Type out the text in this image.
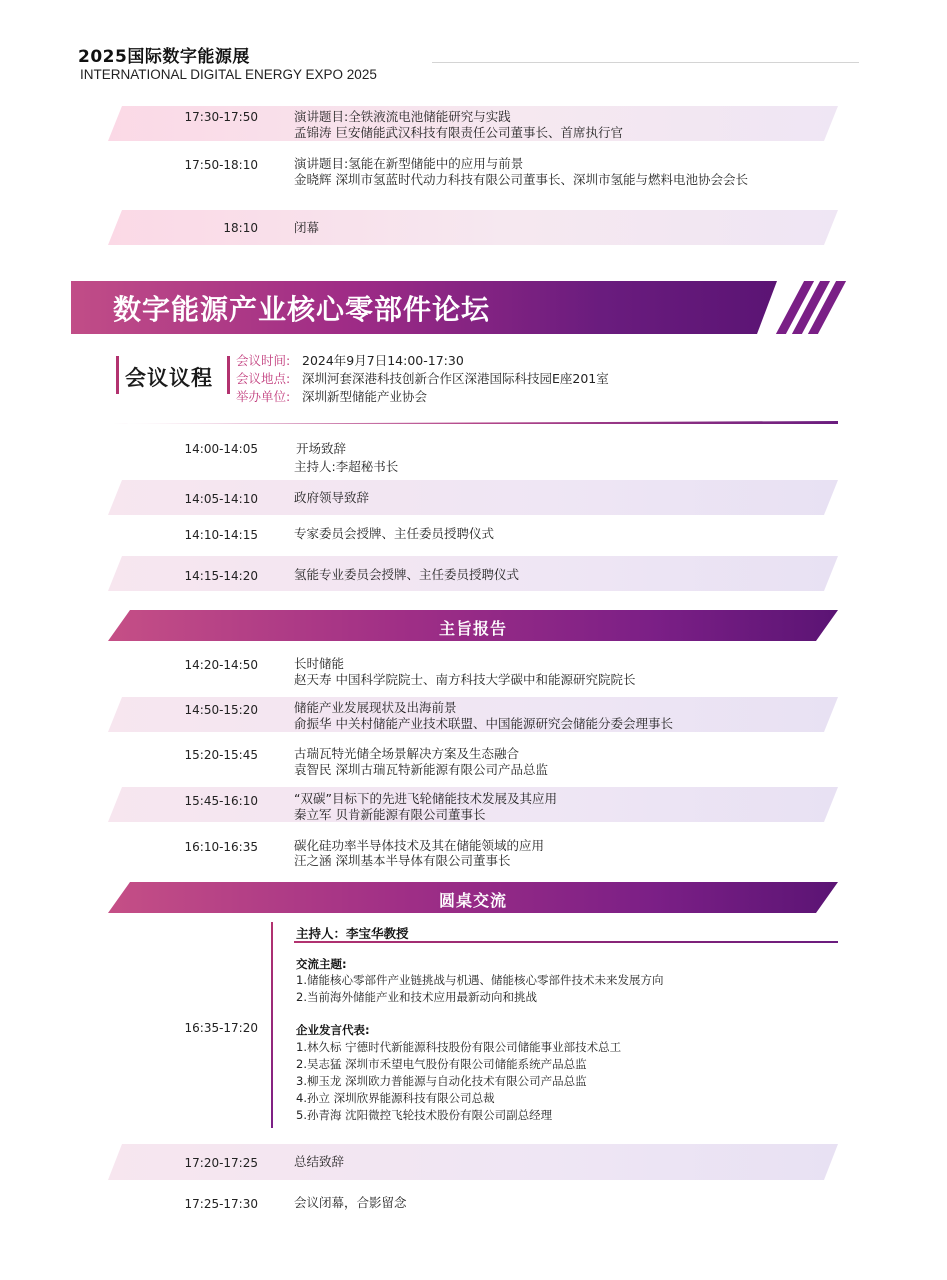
2025国际数字能源展
INTERNATIONAL DIGITAL ENERGY EXPO 2025
17:30-17:50	演讲题目:全铁液流电池储能研究与实践
孟锦涛 巨安储能武汉科技有限责任公司董事长、首席执行官
17:50-18:10	演讲题目:氢能在新型储能中的应用与前景
金晓辉 深圳市氢蓝时代动力科技有限公司董事长、深圳市氢能与燃料电池协会会长
18:10	闭幕
数字能源产业核心零部件论坛
会议议程
会议时间: 2024年9月7日14:00-17:30
会议地点: 深圳河套深港科技创新合作区深港国际科技园E座201室
举办单位: 深圳新型储能产业协会
14:00-14:05	开场致辞
主持人:李超秘书长
14:05-14:10	政府领导致辞
14:10-14:15	专家委员会授牌、主任委员授聘仪式
14:15-14:20	氢能专业委员会授牌、主任委员授聘仪式
主旨报告
14:20-14:50	长时储能
赵天寿 中国科学院院士、南方科技大学碳中和能源研究院院长
14:50-15:20	储能产业发展现状及出海前景
俞振华 中关村储能产业技术联盟、中国能源研究会储能分委会理事长
15:20-15:45	古瑞瓦特光储全场景解决方案及生态融合
袁智民 深圳古瑞瓦特新能源有限公司产品总监
15:45-16:10	“双碳”目标下的先进飞轮储能技术发展及其应用
秦立军 贝肯新能源有限公司董事长
16:10-16:35	碳化硅功率半导体技术及其在储能领域的应用
汪之涵 深圳基本半导体有限公司董事长
圆桌交流
16:35-17:20
主持人：李宝华教授
交流主题:
1.储能核心零部件产业链挑战与机遇、储能核心零部件技术未来发展方向
2.当前海外储能产业和技术应用最新动向和挑战
企业发言代表:
1.林久标 宁德时代新能源科技股份有限公司储能事业部技术总工
2.吴志猛 深圳市禾望电气股份有限公司储能系统产品总监
3.柳玉龙 深圳欧力普能源与自动化技术有限公司产品总监
4.孙立 深圳欣界能源科技有限公司总裁
5.孙青海 沈阳微控飞轮技术股份有限公司副总经理
17:20-17:25	总结致辞
17:25-17:30	会议闭幕，合影留念
